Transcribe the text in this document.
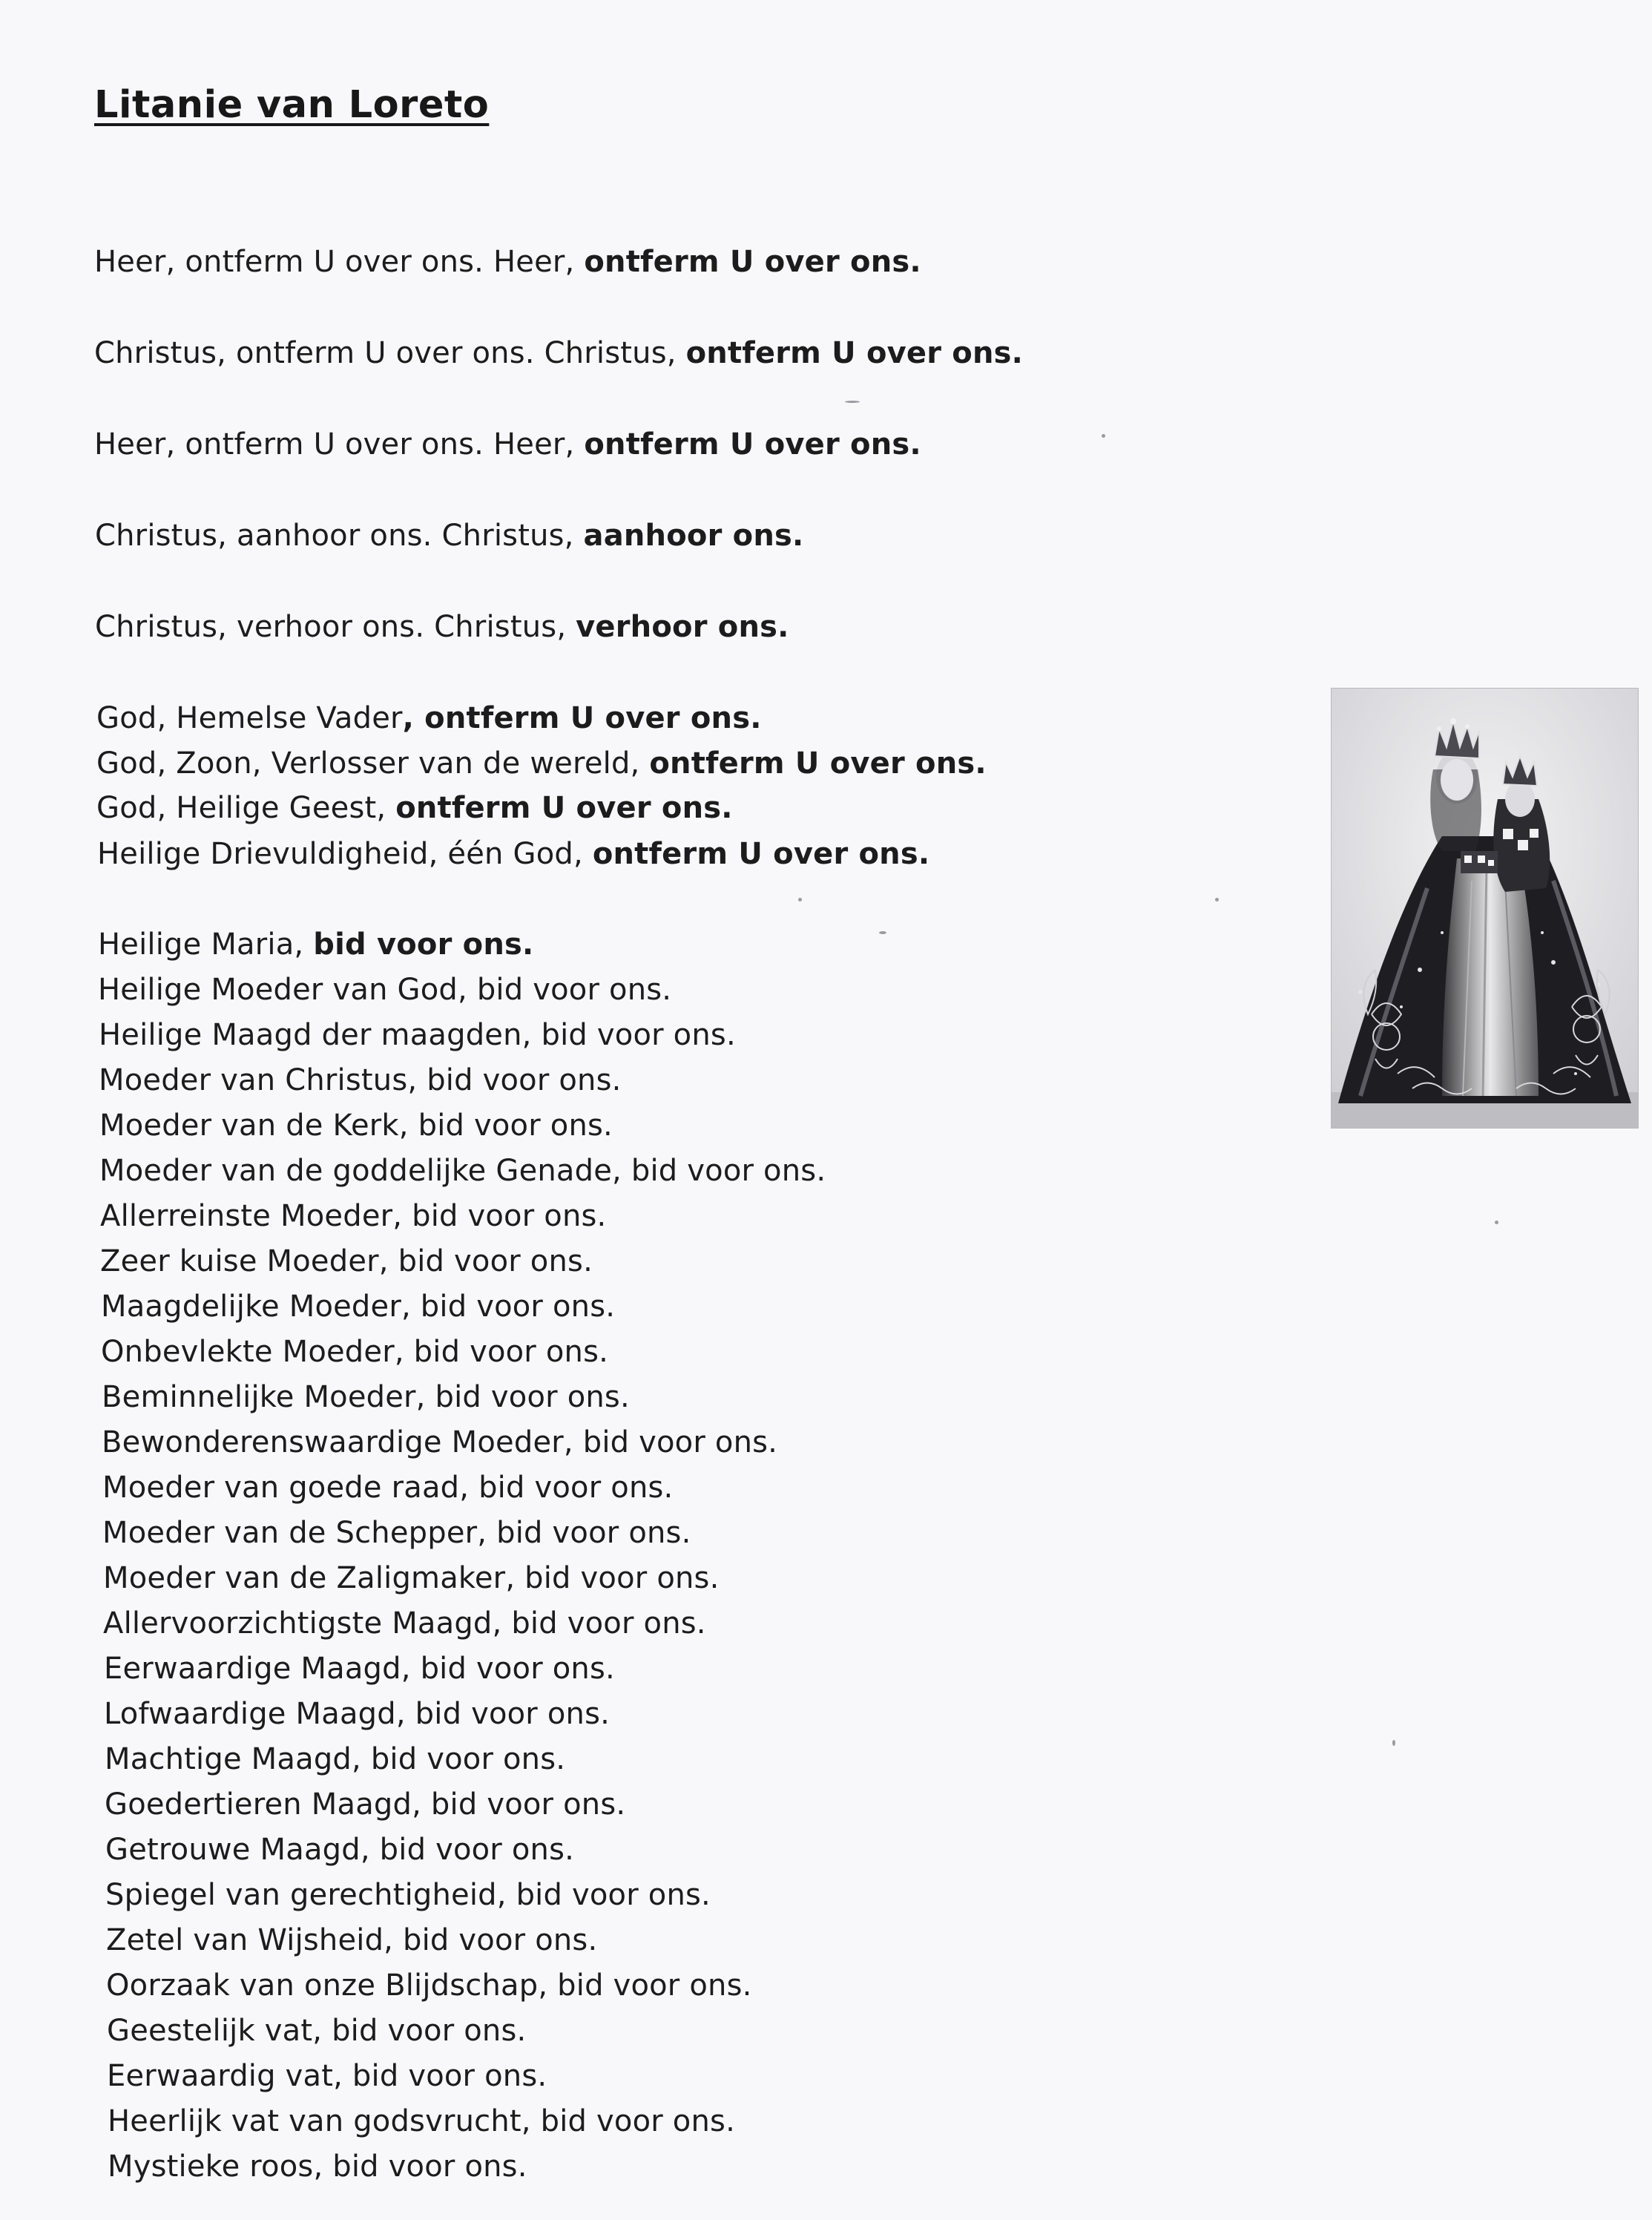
Litanie van Loreto
Heer, ontferm U over ons. Heer, ontferm U over ons.
Christus, ontferm U over ons. Christus, ontferm U over ons.
Heer, ontferm U over ons. Heer, ontferm U over ons.
Christus, aanhoor ons. Christus, aanhoor ons.
Christus, verhoor ons. Christus, verhoor ons.
God, Hemelse Vader, ontferm U over ons.
God, Zoon, Verlosser van de wereld, ontferm U over ons.
God, Heilige Geest, ontferm U over ons.
Heilige Drievuldigheid, één God, ontferm U over ons.
Heilige Maria, bid voor ons.
Heilige Moeder van God, bid voor ons.
Heilige Maagd der maagden, bid voor ons.
Moeder van Christus, bid voor ons.
Moeder van de Kerk, bid voor ons.
Moeder van de goddelijke Genade, bid voor ons.
Allerreinste Moeder, bid voor ons.
Zeer kuise Moeder, bid voor ons.
Maagdelijke Moeder, bid voor ons.
Onbevlekte Moeder, bid voor ons.
Beminnelijke Moeder, bid voor ons.
Bewonderenswaardige Moeder, bid voor ons.
Moeder van goede raad, bid voor ons.
Moeder van de Schepper, bid voor ons.
Moeder van de Zaligmaker, bid voor ons.
Allervoorzichtigste Maagd, bid voor ons.
Eerwaardige Maagd, bid voor ons.
Lofwaardige Maagd, bid voor ons.
Machtige Maagd, bid voor ons.
Goedertieren Maagd, bid voor ons.
Getrouwe Maagd, bid voor ons.
Spiegel van gerechtigheid, bid voor ons.
Zetel van Wijsheid, bid voor ons.
Oorzaak van onze Blijdschap, bid voor ons.
Geestelijk vat, bid voor ons.
Eerwaardig vat, bid voor ons.
Heerlijk vat van godsvrucht, bid voor ons.
Mystieke roos, bid voor ons.
